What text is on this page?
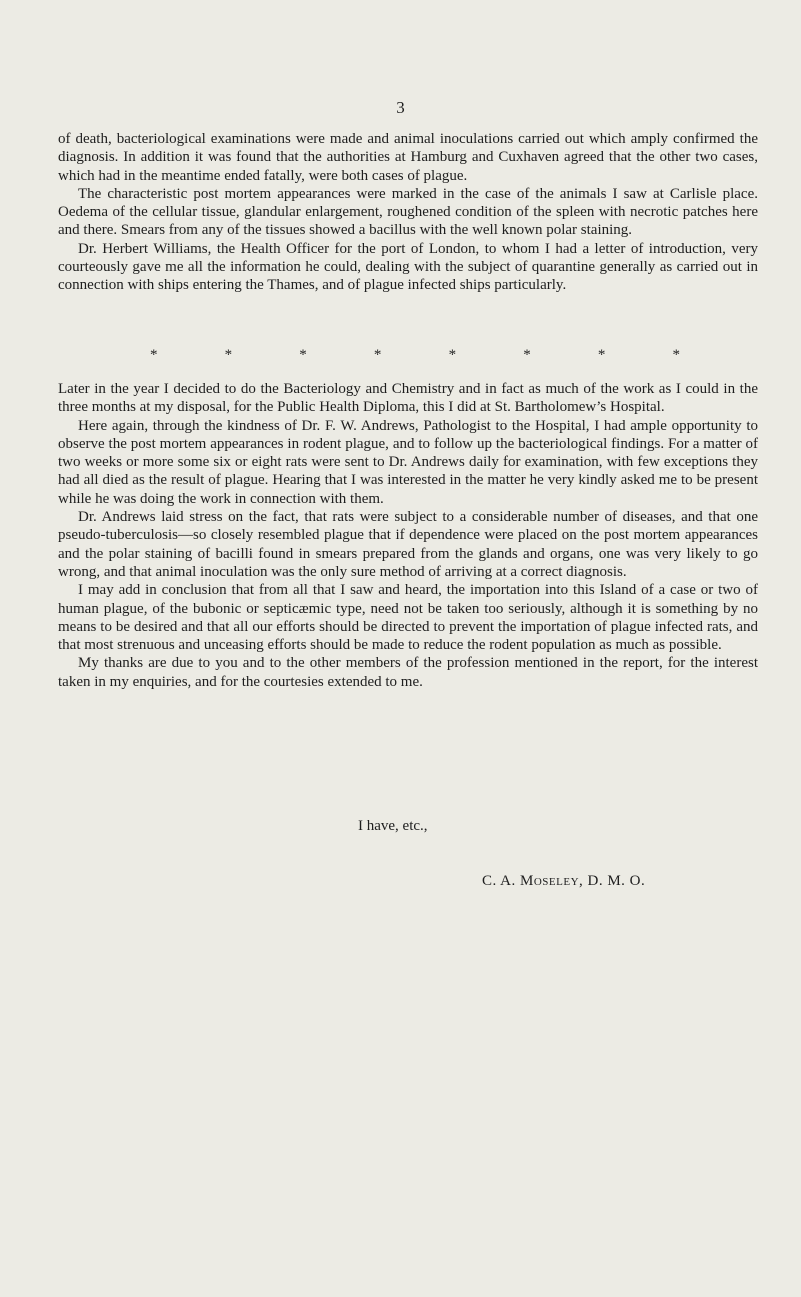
3

of death, bacteriological examinations were made and animal inoculations carried out which amply confirmed the diagnosis. In addition it was found that the authorities at Hamburg and Cuxhaven agreed that the other two cases, which had in the meantime ended fatally, were both cases of plague.

The characteristic post mortem appearances were marked in the case of the animals I saw at Carlisle place. Oedema of the cellular tissue, glandular enlargement, roughened condition of the spleen with necrotic patches here and there. Smears from any of the tissues showed a bacillus with the well known polar staining.

Dr. Herbert Williams, the Health Officer for the port of London, to whom I had a letter of introduction, very courteously gave me all the information he could, dealing with the subject of quarantine generally as carried out in connection with ships entering the Thames, and of plague infected ships particularly.

*	*	*	*	*	*	*	*

Later in the year I decided to do the Bacteriology and Chemistry and in fact as much of the work as I could in the three months at my disposal, for the Public Health Diploma, this I did at St. Bartholomew’s Hospital.

Here again, through the kindness of Dr. F. W. Andrews, Pathologist to the Hospital, I had ample opportunity to observe the post mortem appearances in rodent plague, and to follow up the bacteriological findings. For a matter of two weeks or more some six or eight rats were sent to Dr. Andrews daily for examination, with few exceptions they had all died as the result of plague. Hearing that I was interested in the matter he very kindly asked me to be present while he was doing the work in connection with them.

Dr. Andrews laid stress on the fact, that rats were subject to a considerable number of diseases, and that one pseudo-tuberculosis—so closely resembled plague that if dependence were placed on the post mortem appearances and the polar staining of bacilli found in smears prepared from the glands and organs, one was very likely to go wrong, and that animal inoculation was the only sure method of arriving at a correct diagnosis.

I may add in conclusion that from all that I saw and heard, the importation into this Island of a case or two of human plague, of the bubonic or septicæmic type, need not be taken too seriously, although it is something by no means to be desired and that all our efforts should be directed to prevent the importation of plague infected rats, and that most strenuous and unceasing efforts should be made to reduce the rodent population as much as possible.

My thanks are due to you and to the other members of the profession mentioned in the report, for the interest taken in my enquiries, and for the courtesies extended to me.

I have, etc.,
C. A. Moseley, D. M. O.
